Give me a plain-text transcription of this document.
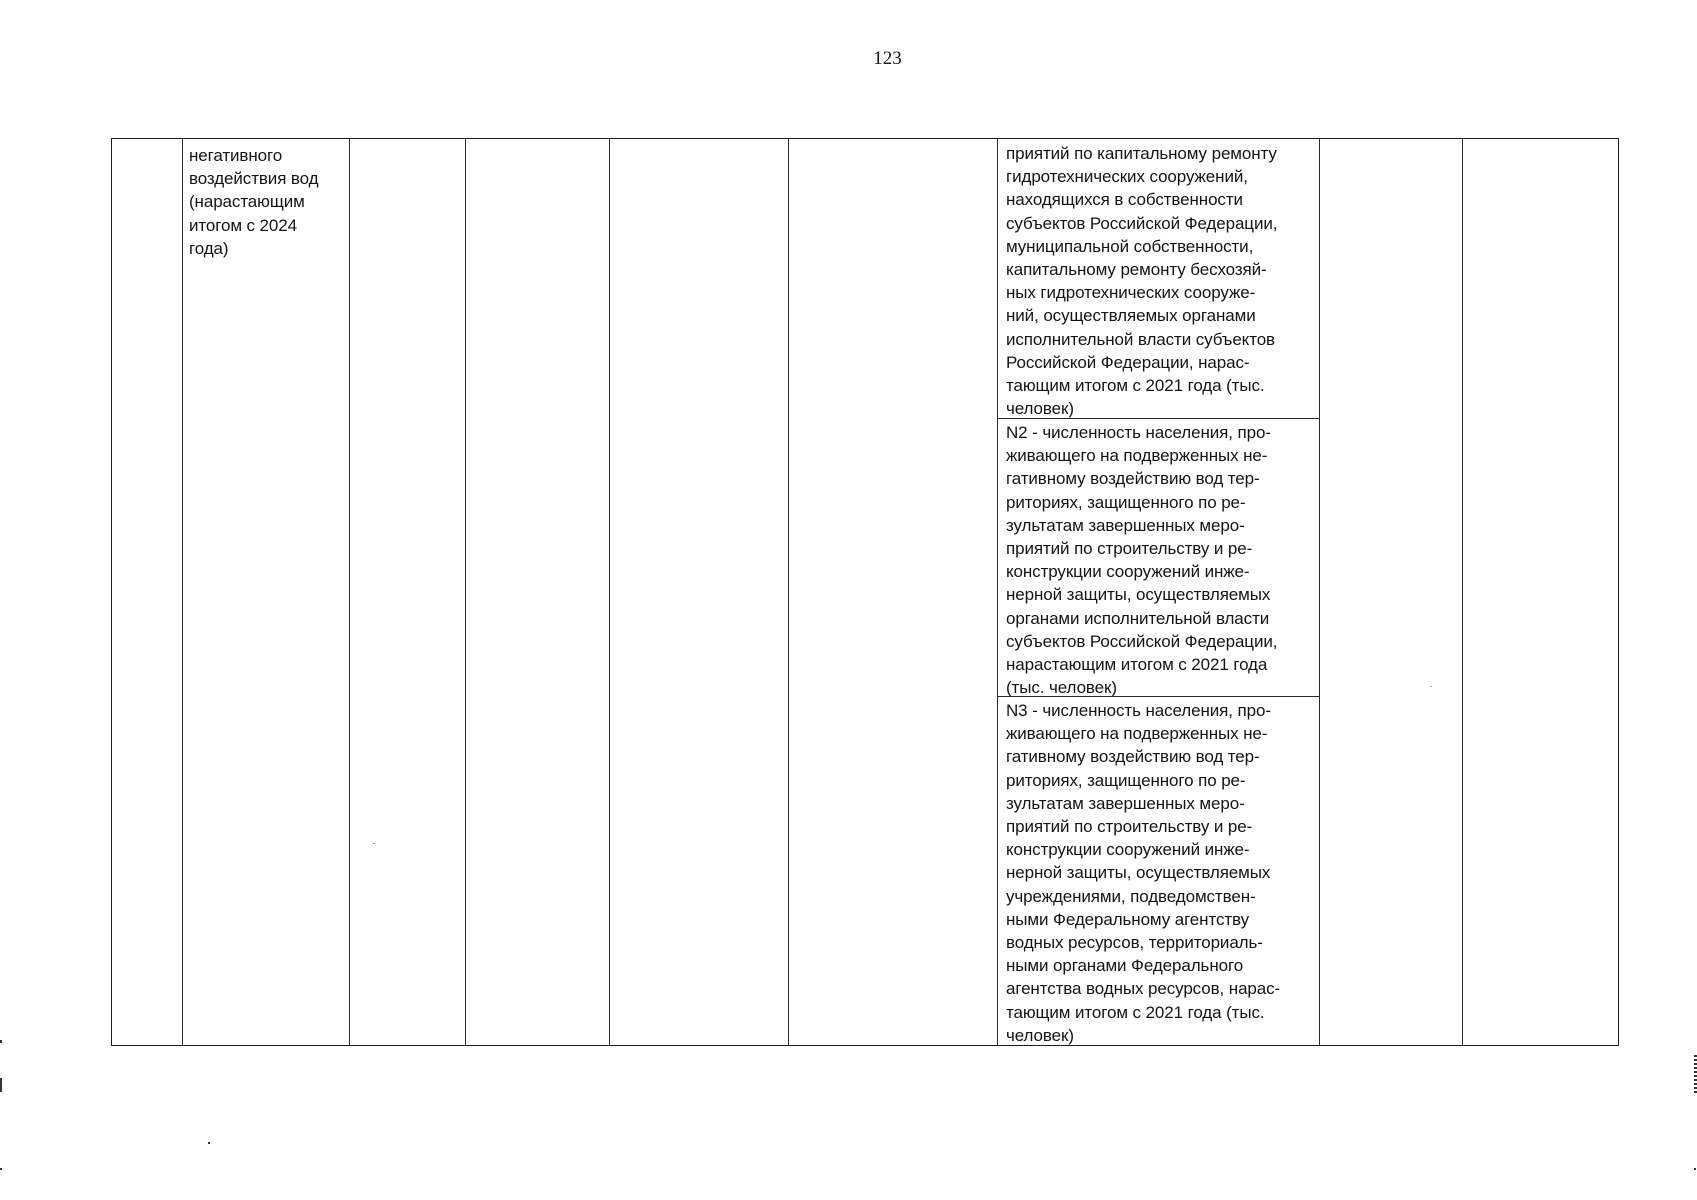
123
негативного
воздействия вод
(нарастающим
итогом с 2024
года)
приятий по капитальному ремонту
гидротехнических сооружений,
находящихся в собственности
субъектов Российской Федерации,
муниципальной собственности,
капитальному ремонту бесхозяй-
ных гидротехнических сооруже-
ний, осуществляемых органами
исполнительной власти субъектов
Российской Федерации, нарас-
тающим итогом с 2021 года (тыс.
человек)
N2 - численность населения, про-
живающего на подверженных не-
гативному воздействию вод тер-
риториях, защищенного по ре-
зультатам завершенных меро-
приятий по строительству и ре-
конструкции сооружений инже-
нерной защиты, осуществляемых
органами исполнительной власти
субъектов Российской Федерации,
нарастающим итогом с 2021 года
(тыс. человек)
N3 - численность населения, про-
живающего на подверженных не-
гативному воздействию вод тер-
риториях, защищенного по ре-
зультатам завершенных меро-
приятий по строительству и ре-
конструкции сооружений инже-
нерной защиты, осуществляемых
учреждениями, подведомствен-
ными Федеральному агентству
водных ресурсов, территориаль-
ными органами Федерального
агентства водных ресурсов, нарас-
тающим итогом с 2021 года (тыс.
человек)
